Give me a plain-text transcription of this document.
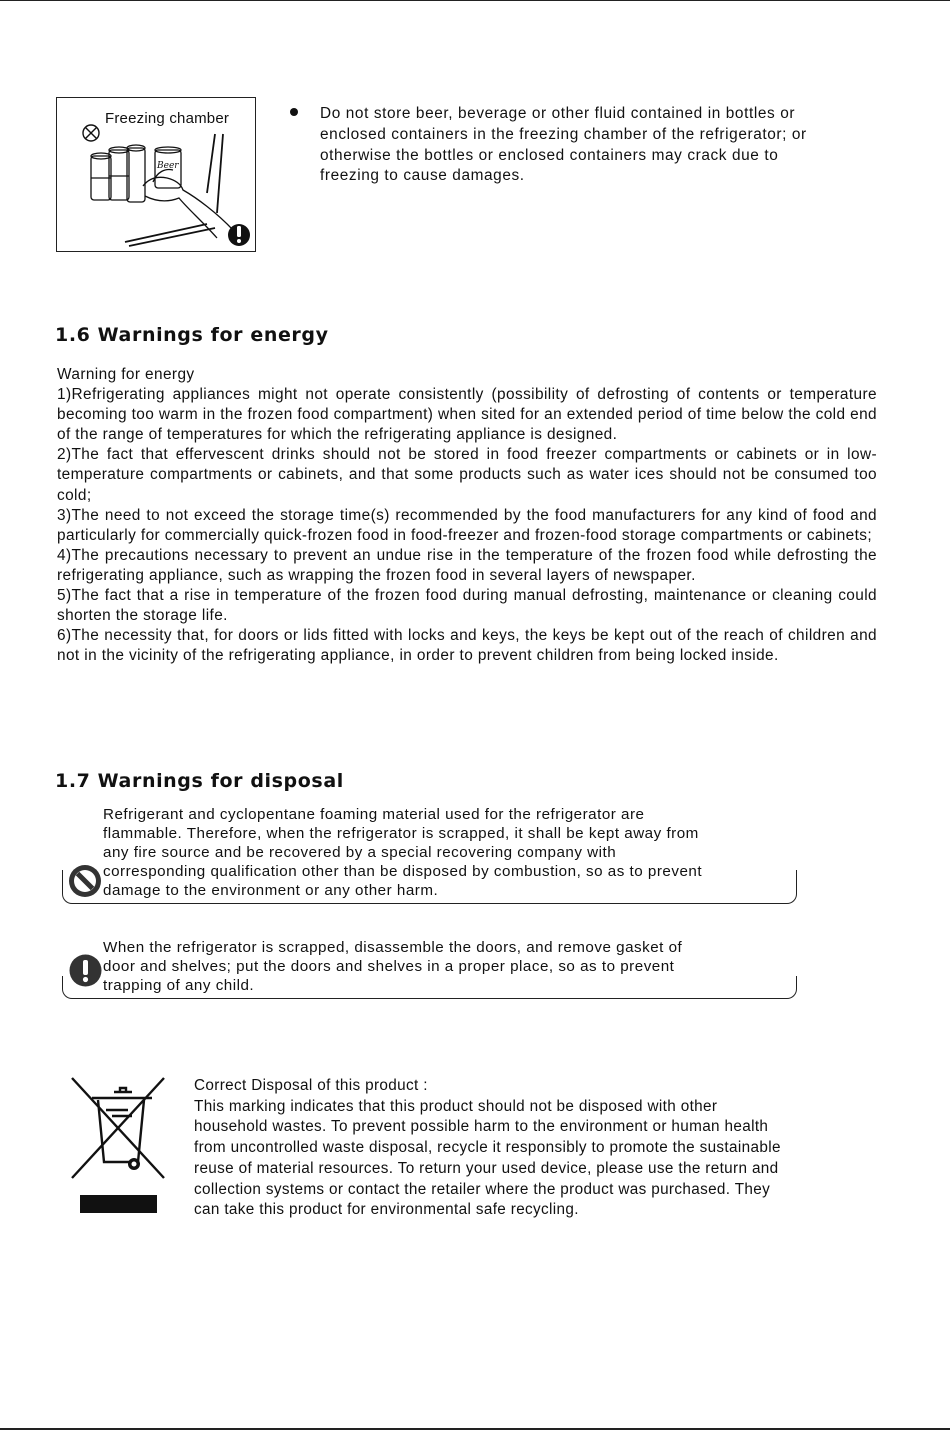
Beer
Freezing chamber	Do not store beer, beverage or other fluid contained in bottles or

enclosed containers in the freezing chamber of the refrigerator; or

otherwise the bottles or enclosed containers may crack due to

freezing to cause damages.

1.6 Warnings for energy

Warning for energy

1)Refrigerating appliances might not operate consistently (possibility of defrosting of contents or temperature becoming too warm in the frozen food compartment) when sited for an extended period of time below the cold end of the range of temperatures for which the refrigerating appliance is designed.

2)The fact that effervescent drinks should not be stored in food freezer compartments or cabinets or in low-temperature compartments or cabinets, and that some products such as water ices should not be consumed too cold;

3)The need to not exceed the storage time(s) recommended by the food manufacturers for any kind of food and particularly for commercially quick-frozen food in food-freezer and frozen-food storage compartments or cabinets;

4)The precautions necessary to prevent an undue rise in the temperature of the frozen food while defrosting the refrigerating appliance, such as wrapping the frozen food in several layers of newspaper.

5)The fact that a rise in temperature of the frozen food during manual defrosting, maintenance or cleaning could shorten the storage life.

6)The necessity that, for doors or lids fitted with locks and keys, the keys be kept out of the reach of children and not in the vicinity of the refrigerating appliance, in order to prevent children from being locked inside.

1.7 Warnings for disposal

Refrigerant and cyclopentane foaming material used for the refrigerator are

flammable. Therefore, when the refrigerator is scrapped, it shall be kept away from

any fire source and be recovered by a special recovering company with

corresponding qualification other than be disposed by combustion, so as to prevent

damage to the environment or any other harm.

When the refrigerator is scrapped, disassemble the doors, and remove gasket of

door and shelves; put the doors and shelves in a proper place, so as to prevent

trapping of any child.

Correct Disposal of this product :

This marking indicates that this product should not be disposed with other

household wastes. To prevent possible harm to the environment or human health

from uncontrolled waste disposal, recycle it responsibly to promote the sustainable

reuse of material resources. To return your used device, please use the return and

collection systems or contact the retailer where the product was purchased. They

can take this product for environmental safe recycling.
